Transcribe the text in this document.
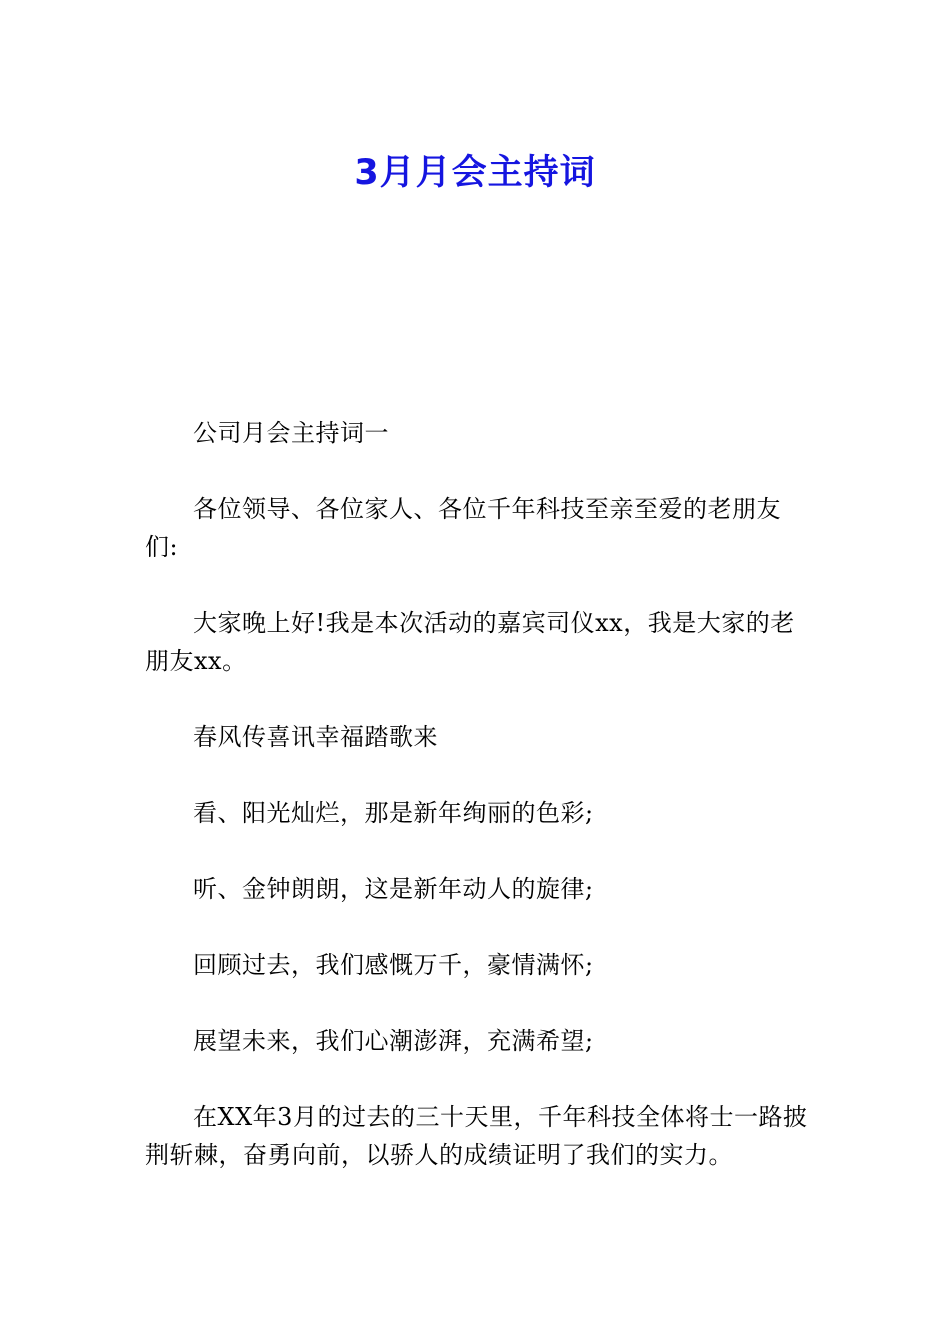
3月月会主持词

公司月会主持词一

各位领导、各位家人、各位千年科技至亲至爱的老朋友们:

大家晚上好!我是本次活动的嘉宾司仪xx，我是大家的老朋友xx。

春风传喜讯幸福踏歌来

看、阳光灿烂，那是新年绚丽的色彩;

听、金钟朗朗，这是新年动人的旋律;

回顾过去，我们感慨万千，豪情满怀;

展望未来，我们心潮澎湃，充满希望;

在XX年3月的过去的三十天里，千年科技全体将士一路披荆斩棘，奋勇向前，以骄人的成绩证明了我们的实力。
